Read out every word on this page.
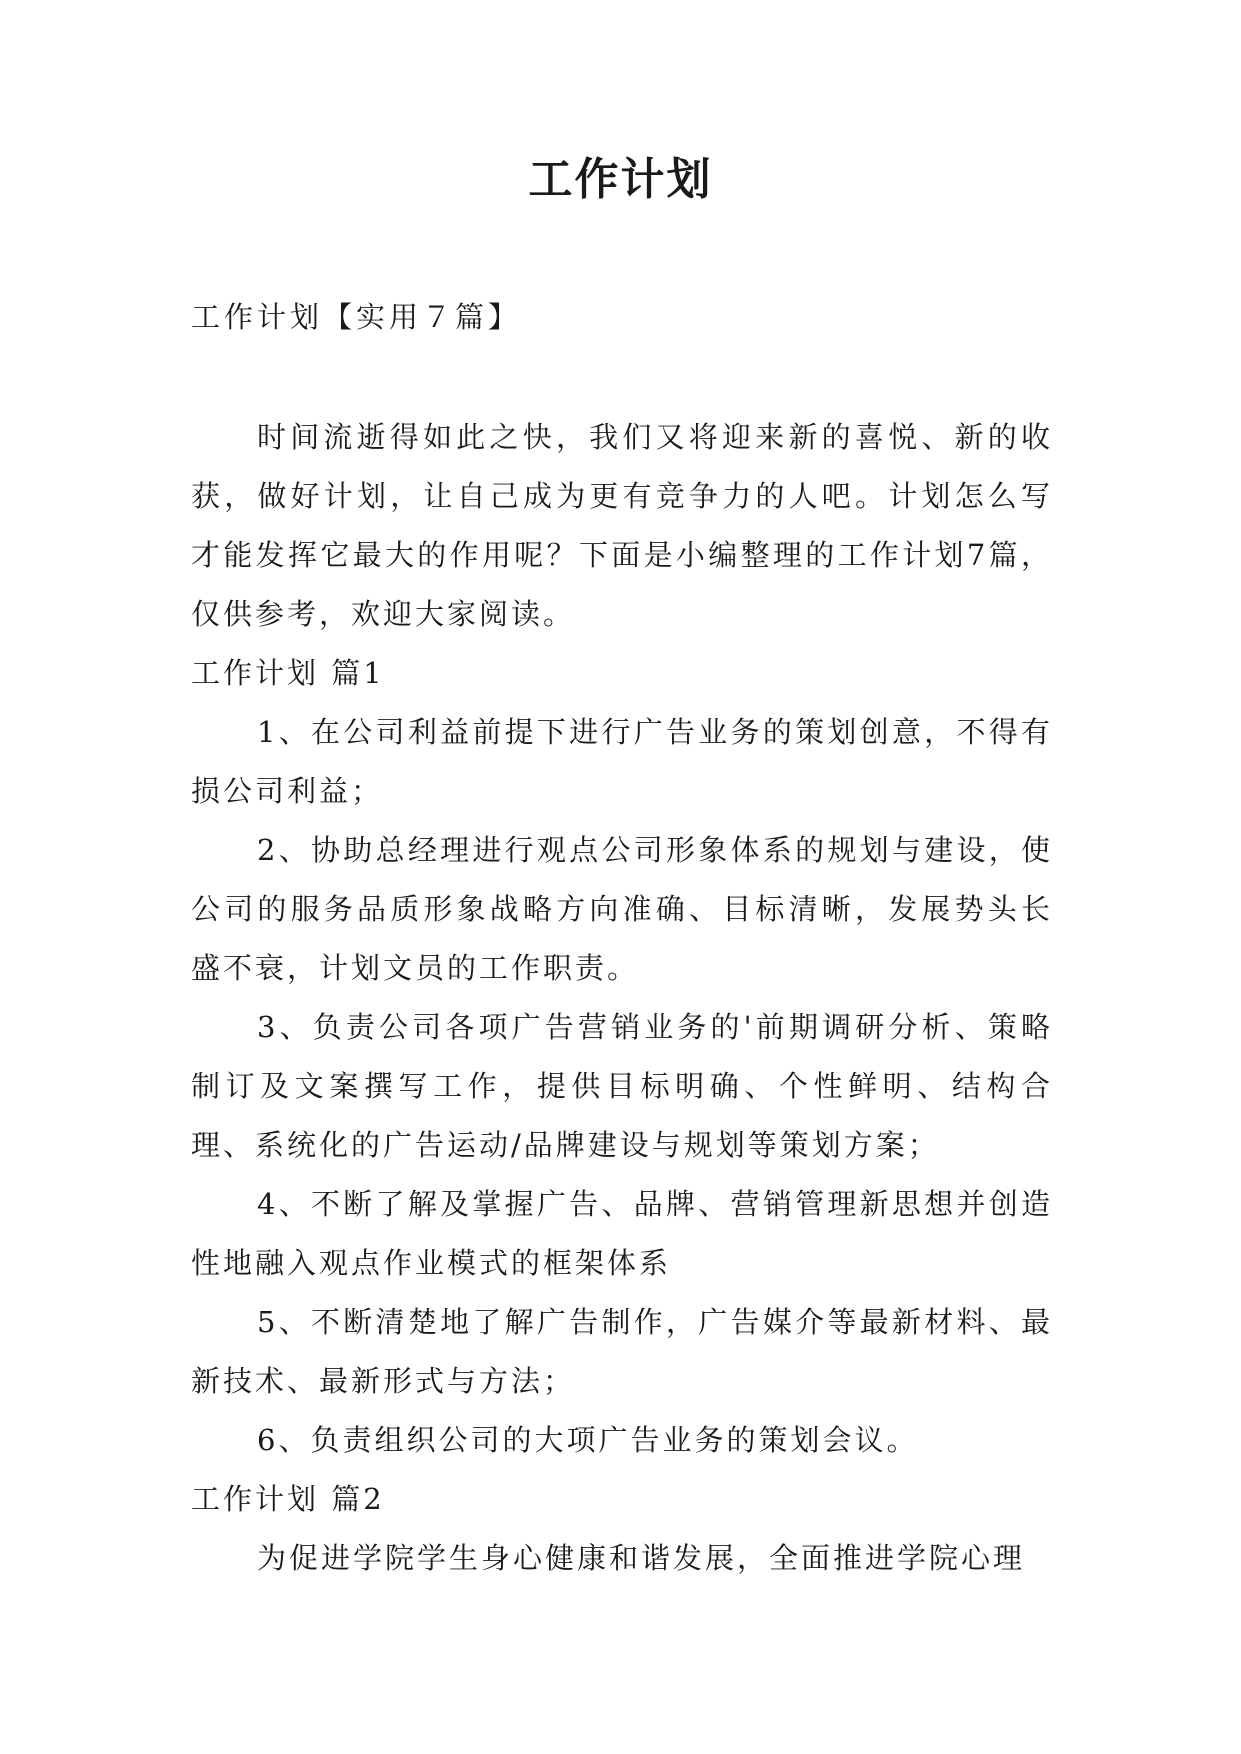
工作计划

工作计划【实用７篇】

时间流逝得如此之快，我们又将迎来新的喜悦、新的收获，做好计划，让自己成为更有竞争力的人吧。计划怎么写才能发挥它最大的作用呢？下面是小编整理的工作计划7篇，仅供参考，欢迎大家阅读。

工作计划 篇1

1、在公司利益前提下进行广告业务的策划创意，不得有损公司利益；

2、协助总经理进行观点公司形象体系的规划与建设，使公司的服务品质形象战略方向准确、目标清晰，发展势头长盛不衰，计划文员的工作职责。

3、负责公司各项广告营销业务的'前期调研分析、策略制订及文案撰写工作，提供目标明确、个性鲜明、结构合理、系统化的广告运动/品牌建设与规划等策划方案；

4、不断了解及掌握广告、品牌、营销管理新思想并创造性地融入观点作业模式的框架体系

5、不断清楚地了解广告制作，广告媒介等最新材料、最新技术、最新形式与方法；

6、负责组织公司的大项广告业务的策划会议。

工作计划 篇2

为促进学院学生身心健康和谐发展，全面推进学院心理
